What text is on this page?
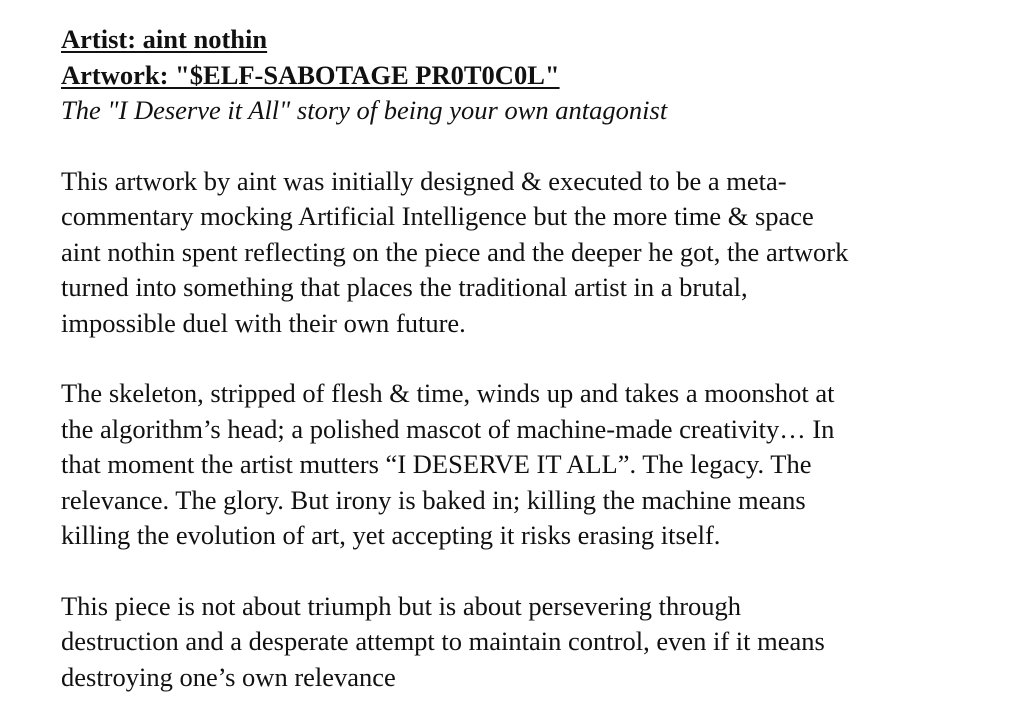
Artist: aint nothin
Artwork: "$ELF-SABOTAGE PR0T0C0L"
The "I Deserve it All" story of being your own antagonist

This artwork by aint was initially designed & executed to be a meta-
commentary mocking Artificial Intelligence but the more time & space
aint nothin spent reflecting on the piece and the deeper he got, the artwork
turned into something that places the traditional artist in a brutal,
impossible duel with their own future.

The skeleton, stripped of flesh & time, winds up and takes a moonshot at
the algorithm’s head; a polished mascot of machine-made creativity… In
that moment the artist mutters “I DESERVE IT ALL”. The legacy. The
relevance. The glory. But irony is baked in; killing the machine means
killing the evolution of art, yet accepting it risks erasing itself.

This piece is not about triumph but is about persevering through
destruction and a desperate attempt to maintain control, even if it means
destroying one’s own relevance
